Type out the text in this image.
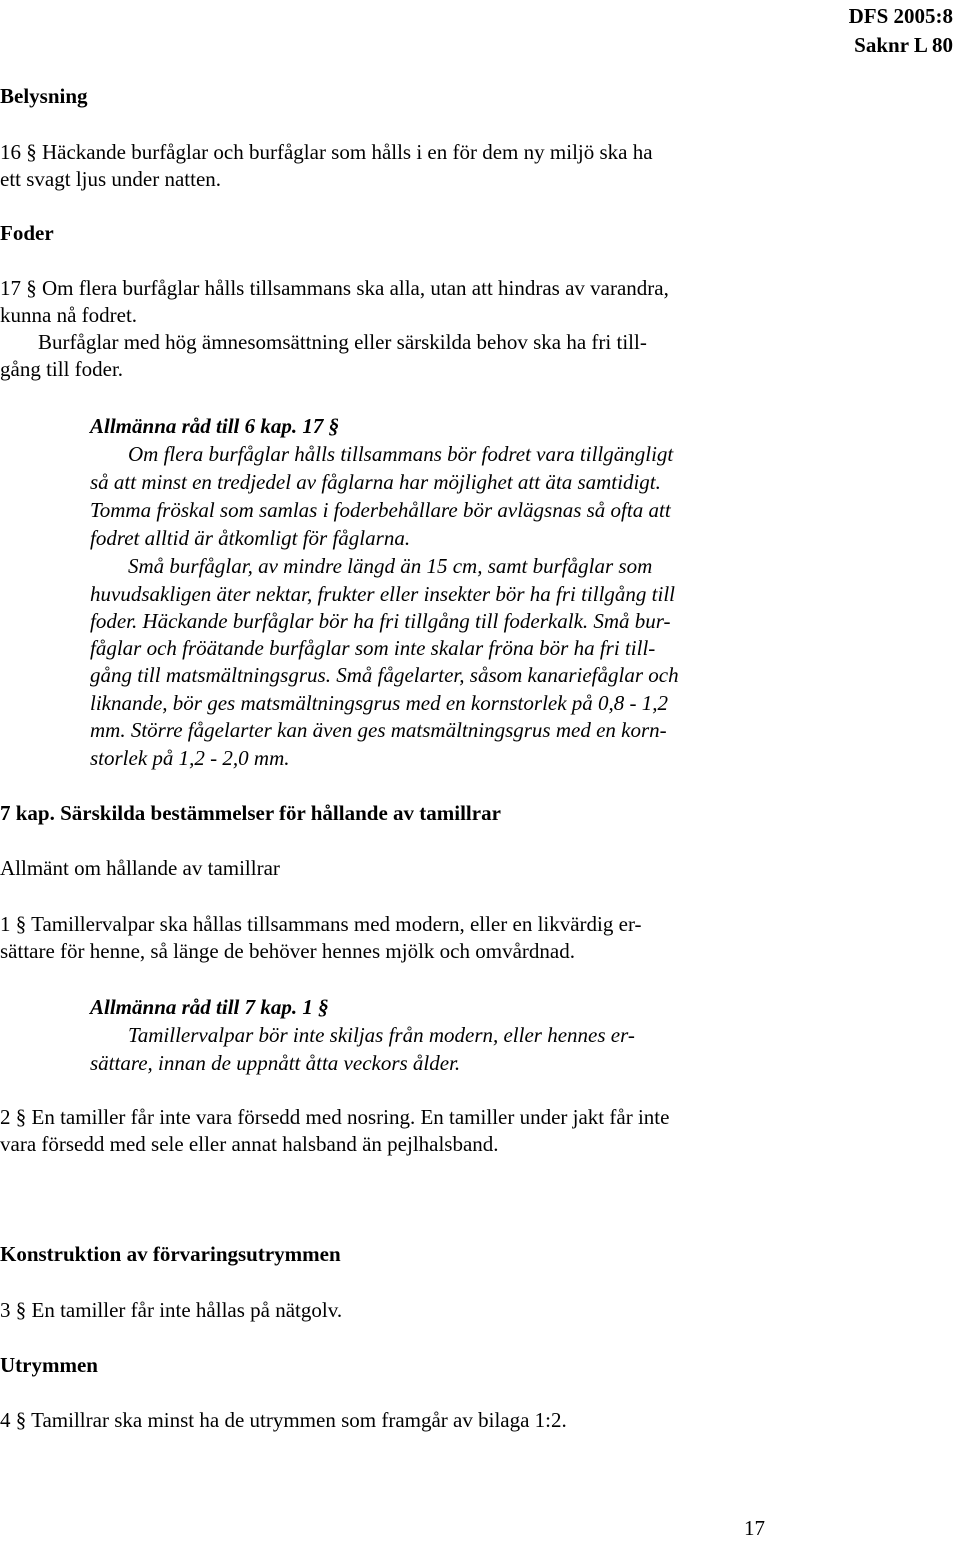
DFS 2005:8
Saknr L 80
Belysning
16 § Häckande burfåglar och burfåglar som hålls i en för dem ny miljö ska ha
ett svagt ljus under natten.
Foder
17 § Om flera burfåglar hålls tillsammans ska alla, utan att hindras av varandra,
kunna nå fodret.
Burfåglar med hög ämnesomsättning eller särskilda behov ska ha fri till-
gång till foder.
Allmänna råd till 6 kap. 17 §
Om flera burfåglar hålls tillsammans bör fodret vara tillgängligt
så att minst en tredjedel av fåglarna har möjlighet att äta samtidigt.
Tomma fröskal som samlas i foderbehållare bör avlägsnas så ofta att
fodret alltid är åtkomligt för fåglarna.
Små burfåglar, av mindre längd än 15 cm, samt burfåglar som
huvudsakligen äter nektar, frukter eller insekter bör ha fri tillgång till
foder. Häckande burfåglar bör ha fri tillgång till foderkalk. Små bur-
fåglar och fröätande burfåglar som inte skalar fröna bör ha fri till-
gång till matsmältningsgrus. Små fågelarter, såsom kanariefåglar och
liknande, bör ges matsmältningsgrus med en kornstorlek på 0,8 - 1,2
mm. Större fågelarter kan även ges matsmältningsgrus med en korn-
storlek på 1,2 - 2,0 mm.
7 kap. Särskilda bestämmelser för hållande av tamillrar
Allmänt om hållande av tamillrar
1 § Tamillervalpar ska hållas tillsammans med modern, eller en likvärdig er-
sättare för henne, så länge de behöver hennes mjölk och omvårdnad.
Allmänna råd till 7 kap. 1 §
Tamillervalpar bör inte skiljas från modern, eller hennes er-
sättare, innan de uppnått åtta veckors ålder.
2 § En tamiller får inte vara försedd med nosring. En tamiller under jakt får inte
vara försedd med sele eller annat halsband än pejlhalsband.
Konstruktion av förvaringsutrymmen
3 § En tamiller får inte hållas på nätgolv.
Utrymmen
4 § Tamillrar ska minst ha de utrymmen som framgår av bilaga 1:2.
17
